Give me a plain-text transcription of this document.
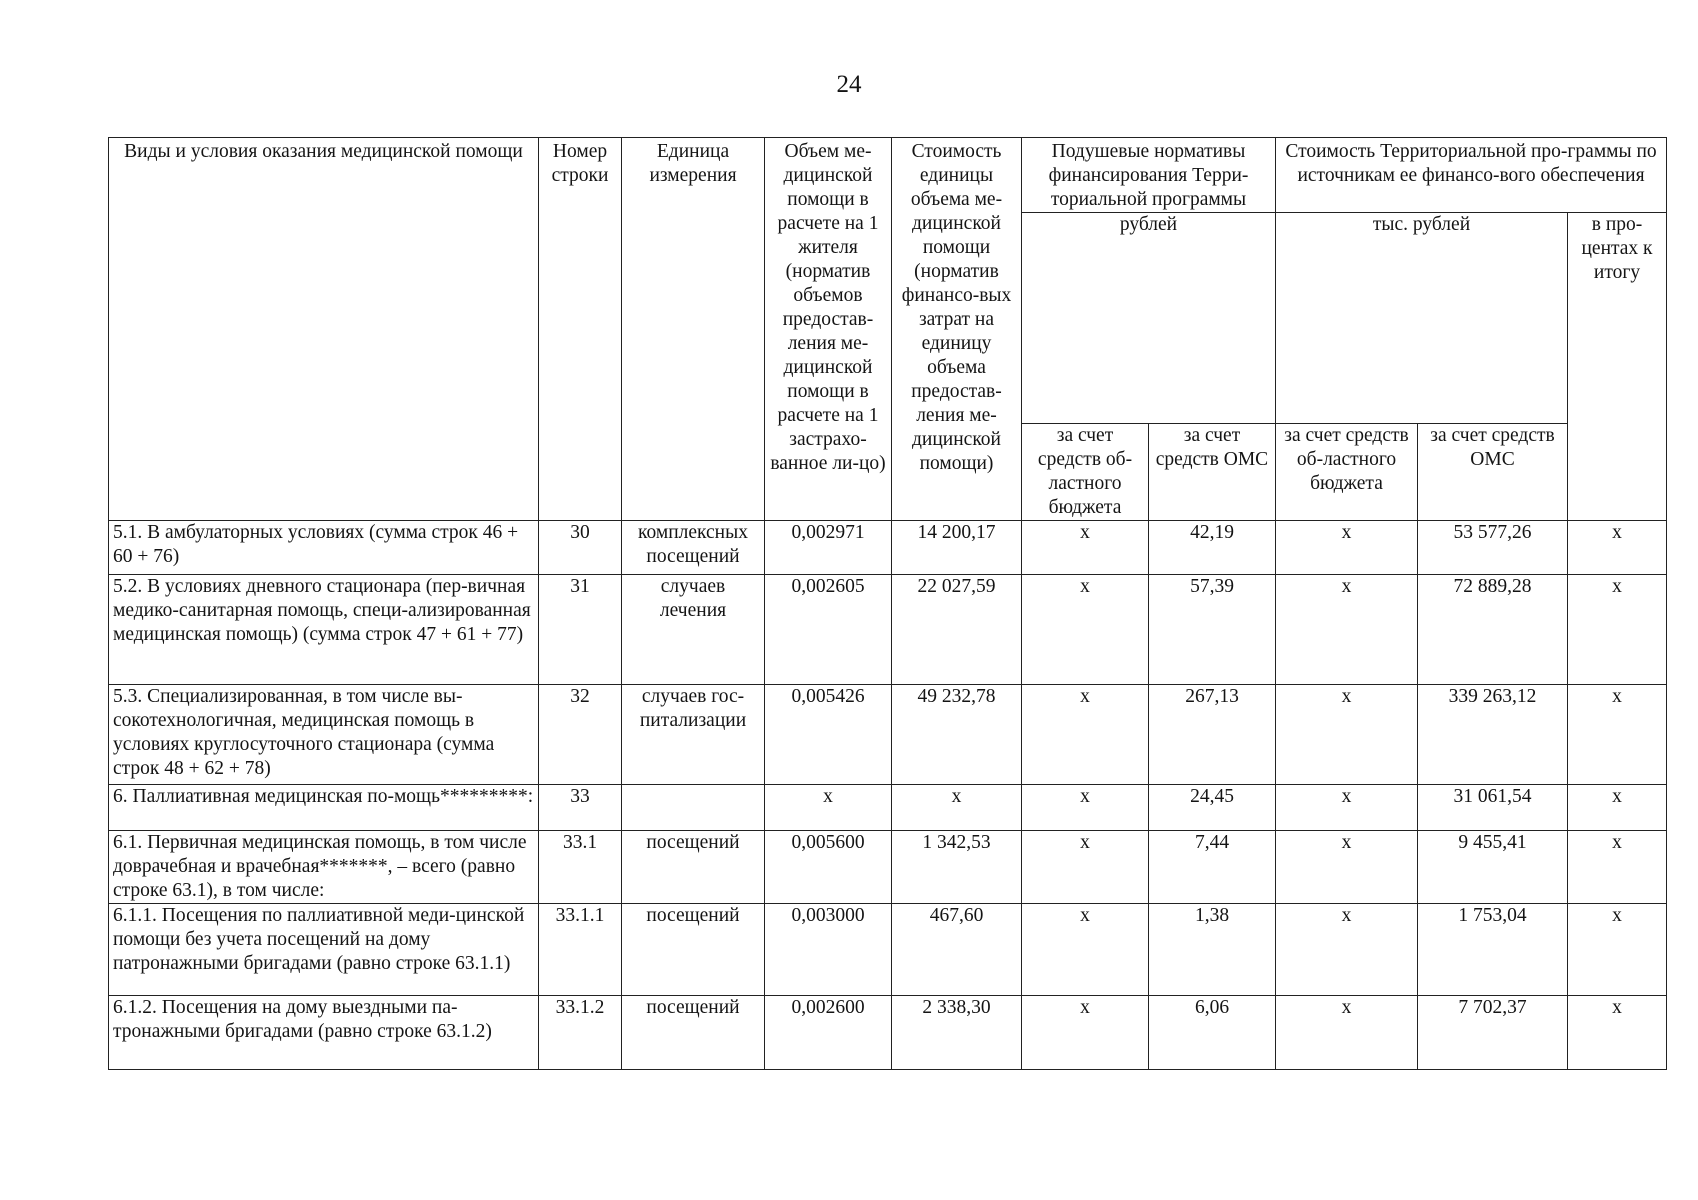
24
Виды и условия оказания медицинской помощи	Номер строки	Единица измерения	Объем ме-дицинской помощи в расчете на 1 жителя (норматив объемов предостав-ления ме-дицинской помощи в расчете на 1 застрахо-ванное ли-цо)	Стоимость единицы объема ме-дицинской помощи (норматив финансо-вых затрат на единицу объема предостав-ления ме-дицинской помощи)	Подушевые нормативы финансирования Терри-ториальной программы		Стоимость Территориальной про-граммы по источникам ее финансо-вого обеспечения		
					рублей		тыс. рублей		в про-центах к итогу
					за счет средств об-ластного бюджета	за счет средств ОМС	за счет средств об-ластного бюджета	за счет средств ОМС	
5.1. В амбулаторных условиях (сумма строк 46 + 60 + 76)	30	комплексных посещений	0,002971	14 200,17	х	42,19	х	53 577,26	х
5.2. В условиях дневного стационара (пер-вичная медико-санитарная помощь, специ-ализированная медицинская помощь) (сумма строк 47 + 61 + 77)	31	случаев лечения	0,002605	22 027,59	х	57,39	х	72 889,28	х
5.3. Специализированная, в том числе вы-сокотехнологичная, медицинская помощь в условиях круглосуточного стационара (сумма строк 48 + 62 + 78)	32	случаев гос-питализации	0,005426	49 232,78	х	267,13	х	339 263,12	х
6. Паллиативная медицинская по-мощь*********:	33		х	х	х	24,45	х	31 061,54	х
6.1. Первичная медицинская помощь, в том числе доврачебная и врачебная*******, – всего (равно строке 63.1), в том числе:	33.1	посещений	0,005600	1 342,53	х	7,44	х	9 455,41	х
6.1.1. Посещения по паллиативной меди-цинской помощи без учета посещений на дому патронажными бригадами (равно строке 63.1.1)	33.1.1	посещений	0,003000	467,60	х	1,38	х	1 753,04	х
6.1.2. Посещения на дому выездными па-тронажными бригадами (равно строке 63.1.2)	33.1.2	посещений	0,002600	2 338,30	х	6,06	х	7 702,37	х
